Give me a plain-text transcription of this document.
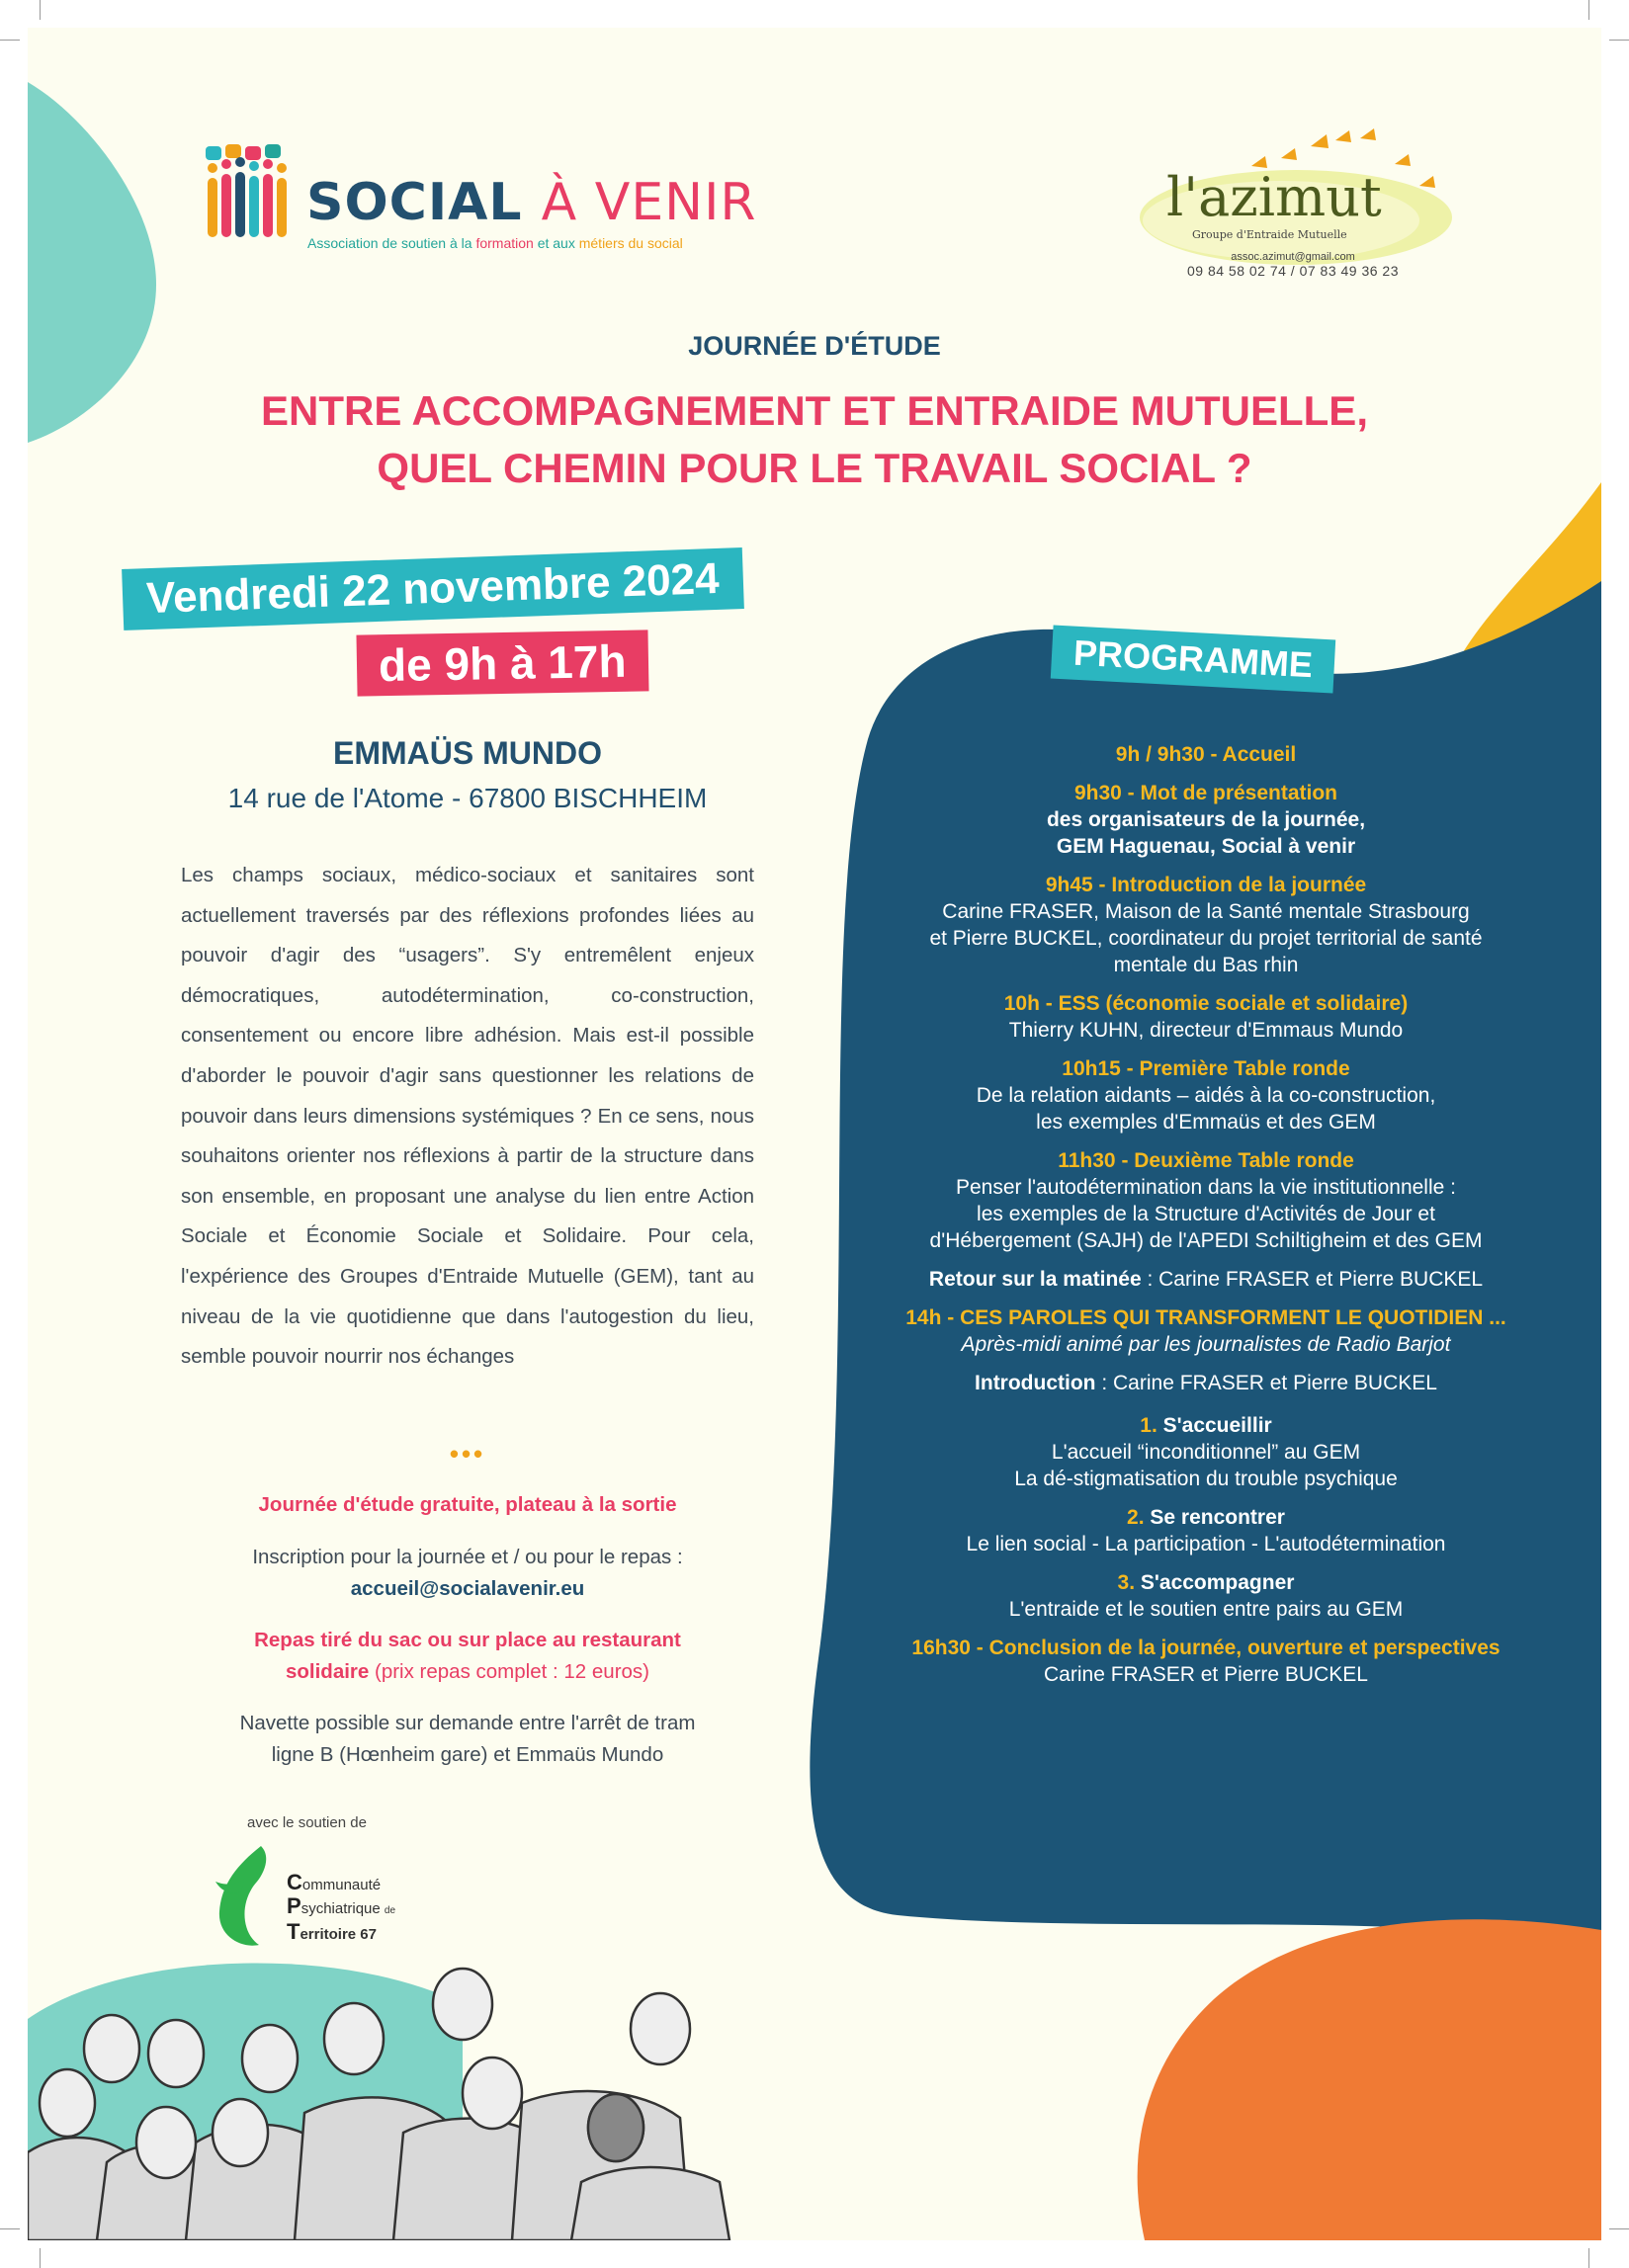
SOCIAL À VENIR
Association de soutien à la formation et aux métiers du social
l'azimut
Groupe d'Entraide Mutuelle
assoc.azimut@gmail.com
09 84 58 02 74 / 07 83 49 36 23
JOURNÉE D'ÉTUDE
ENTRE ACCOMPAGNEMENT ET ENTRAIDE MUTUELLE,
QUEL CHEMIN POUR LE TRAVAIL SOCIAL ?
Vendredi 22 novembre 2024
de 9h à 17h
EMMAÜS MUNDO
14 rue de l'Atome - 67800 BISCHHEIM
Les champs sociaux, médico-sociaux et sanitaires sont actuellement traversés par des réflexions profondes liées au pouvoir d'agir des “usagers”. S'y entremêlent enjeux démocratiques, autodétermination, co-construction, consentement ou encore libre adhésion. Mais est-il possible d'aborder le pouvoir d'agir sans questionner les relations de pouvoir dans leurs dimensions systémiques ? En ce sens, nous souhaitons orienter nos réflexions à partir de la structure dans son ensemble, en proposant une analyse du lien entre Action Sociale et Économie Sociale et Solidaire. Pour cela, l'expérience des Groupes d'Entraide Mutuelle (GEM), tant au niveau de la vie quotidienne que dans l'autogestion du lieu, semble pouvoir nourrir nos échanges
•••
Journée d'étude gratuite, plateau à la sortie
Inscription pour la journée et / ou pour le repas :
accueil@socialavenir.eu
Repas tiré du sac ou sur place au restaurant
solidaire (prix repas complet : 12 euros)
Navette possible sur demande entre l'arrêt de tram
ligne B (Hœnheim gare) et Emmaüs Mundo
avec le soutien de
Communauté
Psychiatrique de
Territoire 67
PROGRAMME
9h / 9h30 - Accueil
9h30 - Mot de présentation
des organisateurs de la journée,
GEM Haguenau, Social à venir
9h45 - Introduction de la journée
Carine FRASER, Maison de la Santé mentale Strasbourg
et Pierre BUCKEL, coordinateur du projet territorial de santé
mentale du Bas rhin
10h - ESS (économie sociale et solidaire)
Thierry KUHN, directeur d'Emmaus Mundo
10h15 - Première Table ronde
De la relation aidants – aidés à la co-construction,
les exemples d'Emmaüs et des GEM
11h30 - Deuxième Table ronde
Penser l'autodétermination dans la vie institutionnelle :
les exemples de la Structure d'Activités de Jour et
d'Hébergement (SAJH) de l'APEDI Schiltigheim et des GEM
Retour sur la matinée : Carine FRASER et Pierre BUCKEL
14h - CES PAROLES QUI TRANSFORMENT LE QUOTIDIEN ...
Après-midi animé par les journalistes de Radio Barjot
Introduction : Carine FRASER et Pierre BUCKEL
1. S'accueillir
L'accueil “inconditionnel” au GEM
La dé-stigmatisation du trouble psychique
2. Se rencontrer
Le lien social - La participation - L'autodétermination
3. S'accompagner
L'entraide et le soutien entre pairs au GEM
16h30 - Conclusion de la journée, ouverture et perspectives
Carine FRASER et Pierre BUCKEL
